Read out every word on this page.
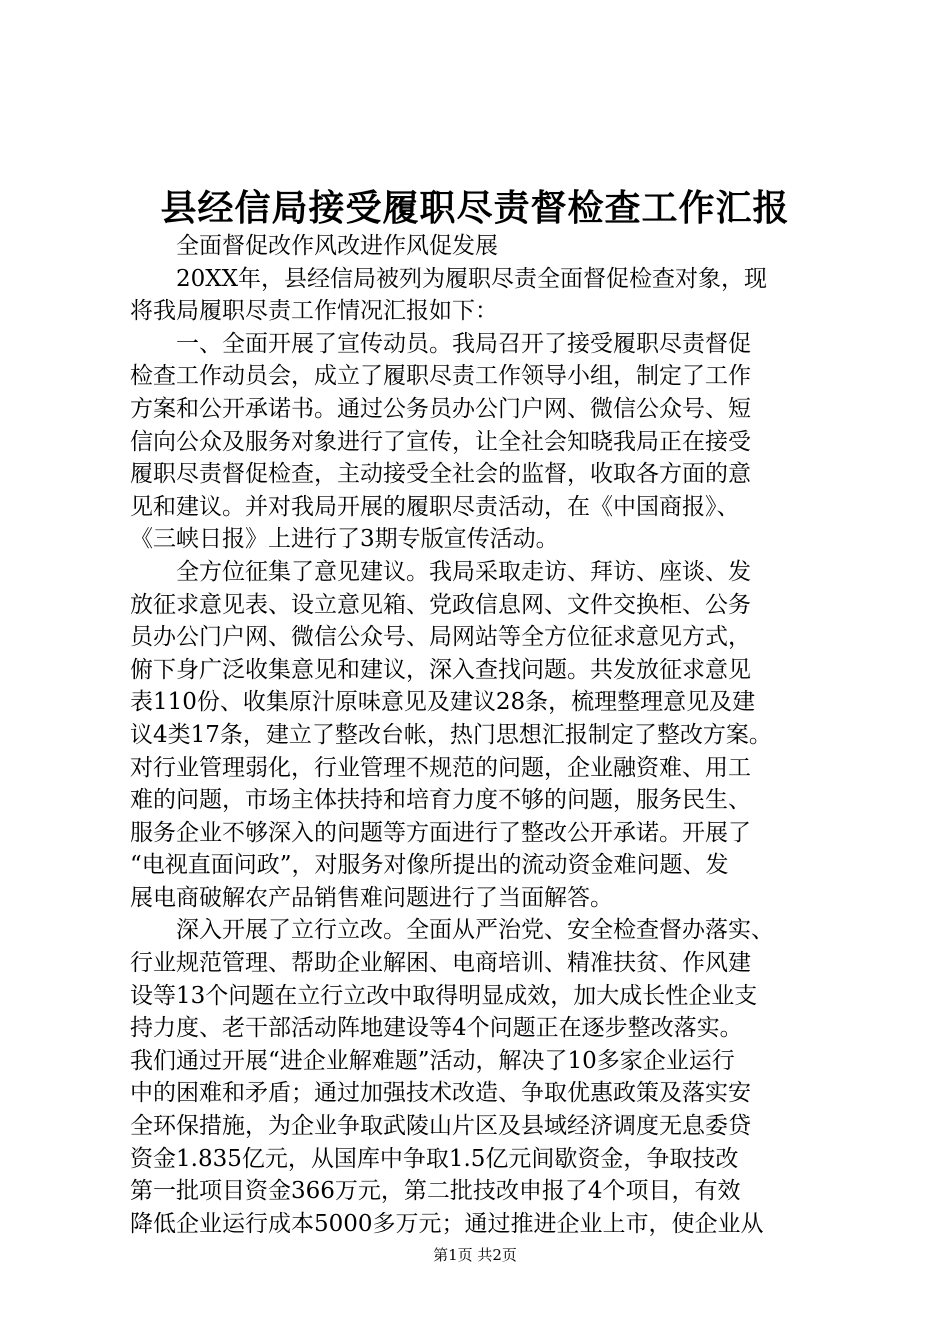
县经信局接受履职尽责督检查工作汇报

　　全面督促改作风改进作风促发展

　　20XX年，县经信局被列为履职尽责全面督促检查对象，现

将我局履职尽责工作情况汇报如下：

　　一、全面开展了宣传动员。我局召开了接受履职尽责督促

检查工作动员会，成立了履职尽责工作领导小组，制定了工作

方案和公开承诺书。通过公务员办公门户网、微信公众号、短

信向公众及服务对象进行了宣传，让全社会知晓我局正在接受

履职尽责督促检查，主动接受全社会的监督，收取各方面的意

见和建议。并对我局开展的履职尽责活动，在《中国商报》、

《三峡日报》上进行了3期专版宣传活动。

　　全方位征集了意见建议。我局采取走访、拜访、座谈、发

放征求意见表、设立意见箱、党政信息网、文件交换柜、公务

员办公门户网、微信公众号、局网站等全方位征求意见方式，

俯下身广泛收集意见和建议，深入查找问题。共发放征求意见

表110份、收集原汁原味意见及建议28条，梳理整理意见及建

议4类17条，建立了整改台帐，热门思想汇报制定了整改方案。

对行业管理弱化，行业管理不规范的问题，企业融资难、用工

难的问题，市场主体扶持和培育力度不够的问题，服务民生、

服务企业不够深入的问题等方面进行了整改公开承诺。开展了

“电视直面问政”，对服务对像所提出的流动资金难问题、发

展电商破解农产品销售难问题进行了当面解答。

　　深入开展了立行立改。全面从严治党、安全检查督办落实、

行业规范管理、帮助企业解困、电商培训、精准扶贫、作风建

设等13个问题在立行立改中取得明显成效，加大成长性企业支

持力度、老干部活动阵地建设等4个问题正在逐步整改落实。

我们通过开展“进企业解难题”活动，解决了10多家企业运行

中的困难和矛盾；通过加强技术改造、争取优惠政策及落实安

全环保措施，为企业争取武陵山片区及县域经济调度无息委贷

资金1.835亿元，从国库中争取1.5亿元间歇资金，争取技改

第一批项目资金366万元，第二批技改申报了4个项目，有效

降低企业运行成本5000多万元；通过推进企业上市，使企业从

第1页 共2页
